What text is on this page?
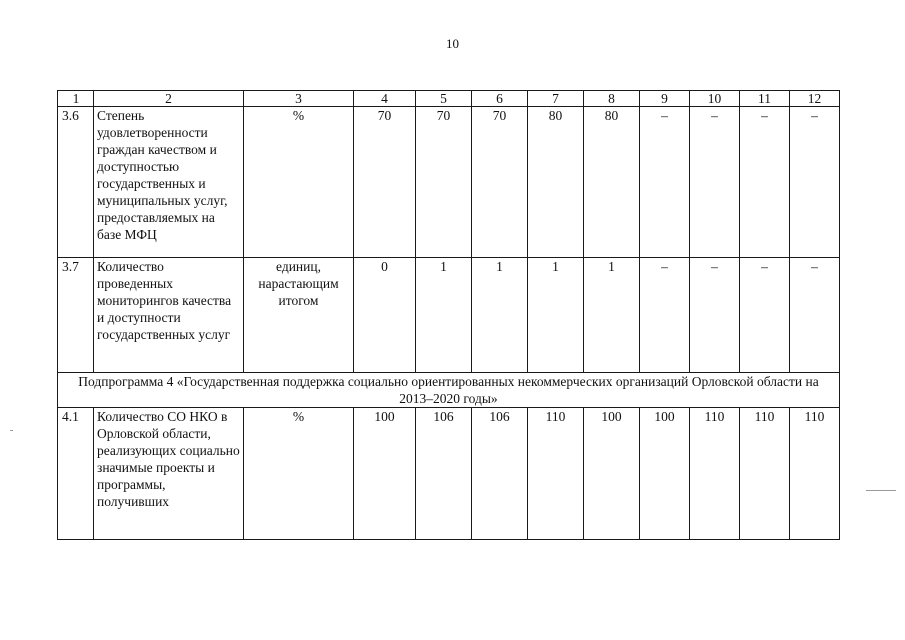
10
1	2	3	4	5	6	7	8	9	10	11	12
3.6	Степень удовлетворенности граждан качеством и доступностью государственных и муниципальных услуг, предоставляемых на базе МФЦ	%	70	70	70	80	80	–	–	–	–
3.7	Количество проведенных мониторингов качества и доступности государственных услуг	единиц, нарастающим итогом	0	1	1	1	1	–	–	–	–
Подпрограмма 4 «Государственная поддержка социально ориентированных некоммерческих организаций Орловской области на 2013–2020 годы»											
4.1	Количество СО НКО в Орловской области, реализующих социально значимые проекты и программы, получивших	%	100	106	106	110	100	100	110	110	110
